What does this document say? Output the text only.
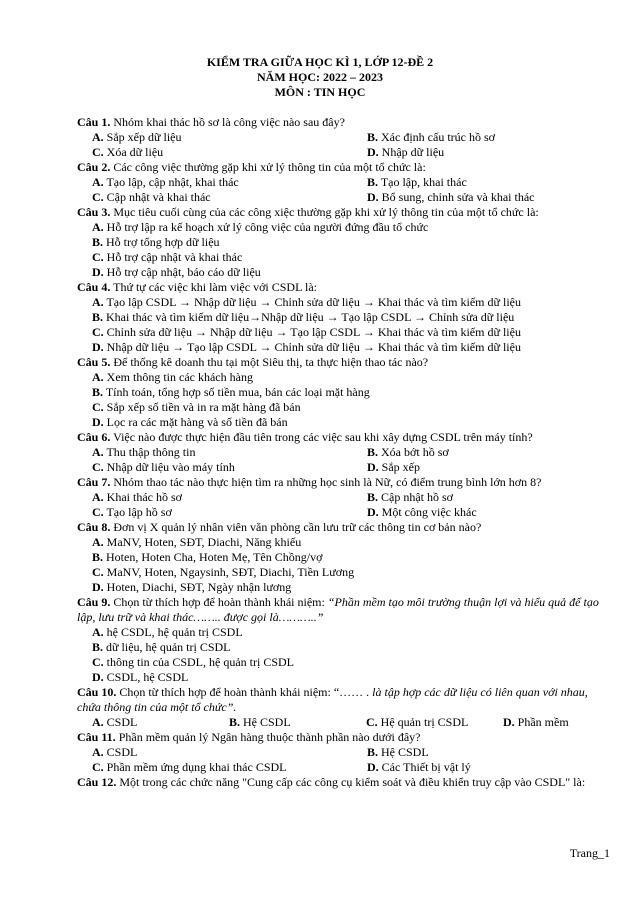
KIỂM TRA GIỮA HỌC KÌ 1, LỚP 12-ĐỀ 2
NĂM HỌC: 2022 – 2023
MÔN : TIN HỌC

Câu 1. Nhóm khai thác hồ sơ là công việc nào sau đây?

A. Sắp xếp dữ liệu	B. Xác định cấu trúc hồ sơ
C. Xóa dữ liệu	D. Nhập dữ liệu

Câu 2. Các công việc thường gặp khi xử lý thông tin của một tổ chức là:

A. Tạo lập, cập nhật, khai thác	B. Tạo lập, khai thác
C. Cập nhật và khai thác	D. Bổ sung, chỉnh sửa và khai thác

Câu 3. Mục tiêu cuối cùng của các công xiệc thường gặp khi xử lý thông tin của một tổ chức là:

A. Hỗ trợ lập ra kế hoạch xử lý công việc của người đứng đầu tổ chức
B. Hỗ trợ tổng hợp dữ liệu
C. Hỗ trợ cập nhật và khai thác
D. Hỗ trợ cập nhật, báo cáo dữ liệu

Câu 4. Thứ tự các việc khi làm việc với CSDL là:

A. Tạo lập CSDL → Nhập dữ liệu → Chỉnh sửa dữ liệu → Khai thác và tìm kiếm dữ liệu
B. Khai thác và tìm kiếm dữ liệu→Nhập dữ liệu → Tạo lập CSDL → Chỉnh sửa dữ liệu
C. Chỉnh sửa dữ liệu → Nhập dữ liệu → Tạo lập CSDL → Khai thác và tìm kiếm dữ liệu
D. Nhập dữ liệu → Tạo lập CSDL → Chỉnh sửa dữ liệu → Khai thác và tìm kiếm dữ liệu

Câu 5. Để thống kê doanh thu tại một Siêu thị, ta thực hiện thao tác nào?

A. Xem thông tin các khách hàng
B. Tính toán, tổng hợp số tiền mua, bán các loại mặt hàng
C. Sắp xếp số tiền và in ra mặt hàng đã bán
D. Lọc ra các mặt hàng và số tiền đã bán

Câu 6. Việc nào được thực hiện đầu tiên trong các việc sau khi xây dựng CSDL trên máy tính?

A. Thu thập thông tin	B. Xóa bớt hồ sơ
C. Nhập dữ liệu vào máy tính	D. Sắp xếp

Câu 7. Nhóm thao tác nào thực hiện tìm ra những học sinh là Nữ, có điểm trung bình lớn hơn 8?

A. Khai thác hồ sơ	B. Cập nhật hồ sơ
C. Tạo lập hồ sơ	D. Một công việc khác

Câu 8. Đơn vị X quản lý nhân viên văn phòng cần lưu trữ các thông tin cơ bản nào?

A. MaNV, Hoten, SĐT, Diachi, Năng khiếu
B. Hoten, Hoten Cha, Hoten Mẹ, Tên Chồng/vợ
C. MaNV, Hoten, Ngaysinh, SĐT, Diachi, Tiền Lương
D. Hoten, Diachi, SĐT, Ngày nhận lương

Câu 9. Chọn từ thích hợp để hoàn thành khái niệm: “Phần mềm tạo môi trường thuận lợi và hiểu quả để tạo lập, lưu trữ và khai thác…….. được gọi là………..”

A. hệ CSDL, hệ quản trị CSDL
B. dữ liệu, hệ quản trị CSDL
C. thông tin của CSDL, hệ quản trị CSDL
D. CSDL, hệ CSDL

Câu 10. Chọn từ thích hợp để hoàn thành khái niệm: “…… . là tập hợp các dữ liệu có liên quan với nhau, chứa thông tin của một tổ chức”.

A. CSDL	B. Hệ CSDL	C. Hệ quản trị CSDL	D. Phần mềm

Câu 11. Phần mềm quản lý Ngân hàng thuộc thành phần nào dưới đây?

A. CSDL	B. Hệ CSDL
C. Phần mềm ứng dụng khai thác CSDL	D. Các Thiết bị vật lý

Câu 12. Một trong các chức năng "Cung cấp các công cụ kiểm soát và điều khiển truy cập vào CSDL" là:

Trang_1
